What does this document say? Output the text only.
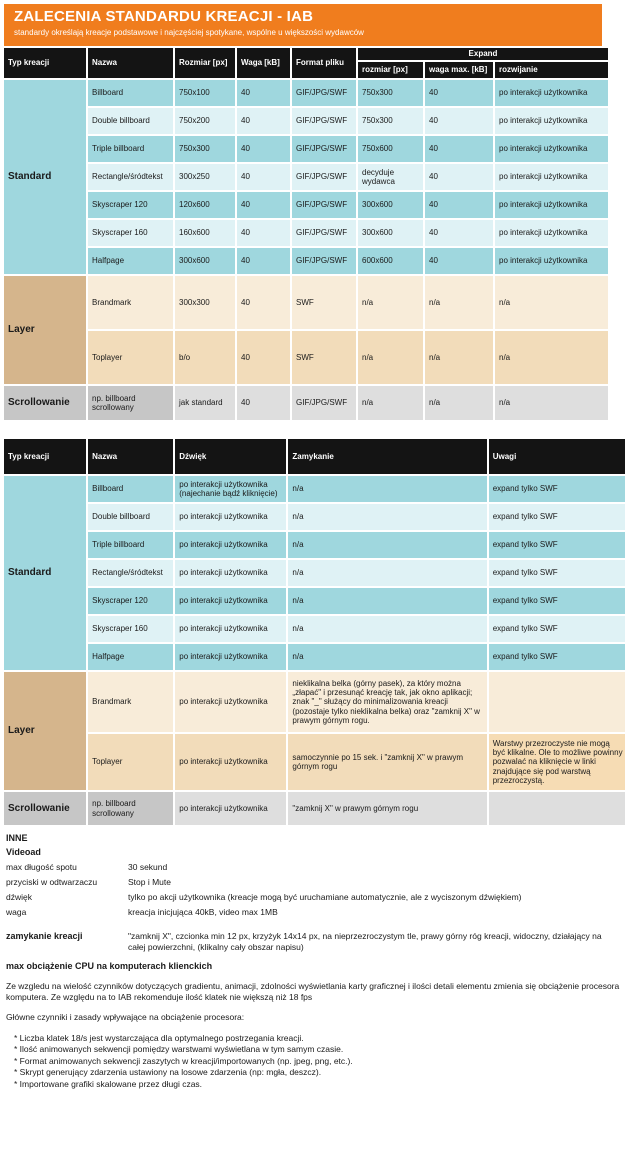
ZALECENIA STANDARDU KREACJI - IAB
standardy określają kreacje podstawowe i najczęściej spotykane, wspólne u większości wydawców
Typ kreacji	Nazwa	Rozmiar [px]	Waga [kB]	Format pliku	Expand		
					rozmiar [px]	waga max. [kB]	rozwijanie
Standard	Billboard	750x100	40	GIF/JPG/SWF	750x300	40	po interakcji użytkownika
	Double billboard	750x200	40	GIF/JPG/SWF	750x300	40	po interakcji użytkownika
	Triple billboard	750x300	40	GIF/JPG/SWF	750x600	40	po interakcji użytkownika
	Rectangle/śródtekst	300x250	40	GIF/JPG/SWF	decyduje wydawca	40	po interakcji użytkownika
	Skyscraper 120	120x600	40	GIF/JPG/SWF	300x600	40	po interakcji użytkownika
	Skyscraper 160	160x600	40	GIF/JPG/SWF	300x600	40	po interakcji użytkownika
	Halfpage	300x600	40	GIF/JPG/SWF	600x600	40	po interakcji użytkownika
Layer	Brandmark	300x300	40	SWF	n/a	n/a	n/a
	Toplayer	b/o	40	SWF	n/a	n/a	n/a
Scrollowanie	np. billboard scrollowany	jak standard	40	GIF/JPG/SWF	n/a	n/a	n/a
Typ kreacji	Nazwa	Dźwięk	Zamykanie	Uwagi
Standard	Billboard	po interakcji użytkownika (najechanie bądź kliknięcie)	n/a	expand tylko SWF
	Double billboard	po interakcji użytkownika	n/a	expand tylko SWF
	Triple billboard	po interakcji użytkownika	n/a	expand tylko SWF
	Rectangle/śródtekst	po interakcji użytkownika	n/a	expand tylko SWF
	Skyscraper 120	po interakcji użytkownika	n/a	expand tylko SWF
	Skyscraper 160	po interakcji użytkownika	n/a	expand tylko SWF
	Halfpage	po interakcji użytkownika	n/a	expand tylko SWF
Layer	Brandmark	po interakcji użytkownika	nieklikalna belka (górny pasek), za który można „złapać" i przesunąć kreację tak, jak okno aplikacji; znak "_" służący do minimalizowania kreacji (pozostaje tylko nieklikalna belka) oraz "zamknij X" w prawym górnym rogu.	
	Toplayer	po interakcji użytkownika	samoczynnie po 15 sek. i "zamknij X" w prawym górnym rogu	Warstwy przezroczyste nie mogą być klikalne. Ole to możliwe powinny pozwalać na kliknięcie w linki znajdujące się pod warstwą przezroczystą.
Scrollowanie	np. billboard scrollowany	po interakcji użytkownika	"zamknij X" w prawym górnym rogu	
INNE
Videoad
max długość spotu	30 sekund
przyciski w odtwarzaczu	Stop i Mute
dźwięk	tylko po akcji użytkownika (kreacje mogą być uruchamiane automatycznie, ale z wyciszonym dźwiękiem)
waga	kreacja inicjująca 40kB, video max 1MB
zamykanie kreacji	"zamknij X", czcionka min 12 px, krzyżyk 14x14 px, na nieprzezroczystym tle, prawy górny róg kreacji, widoczny, działający na całej powierzchni, (klikalny cały obszar napisu)
max obciążenie CPU na komputerach klienckich
Ze wzgledu na wielość czynników dotyczących gradientu, animacji, zdolności wyświetlania karty graficznej i ilości detali elementu zmienia się obciążenie procesora komputera. Ze względu na to IAB rekomenduje ilość klatek nie większą niż 18 fps
Główne czynniki i zasady wpływające na obciążenie procesora:
* Liczba klatek 18/s jest wystarczająca dla optymalnego postrzegania kreacji.
* Ilość animowanych sekwencji pomiędzy warstwami wyświetlana w tym samym czasie.
* Format animowanych sekwencji zaszytych w kreacji/importowanych (np. jpeg, png, etc.).
* Skrypt generujący zdarzenia ustawiony na losowe zdarzenia (np: mgła, deszcz).
* Importowane grafiki skalowane przez długi czas.
